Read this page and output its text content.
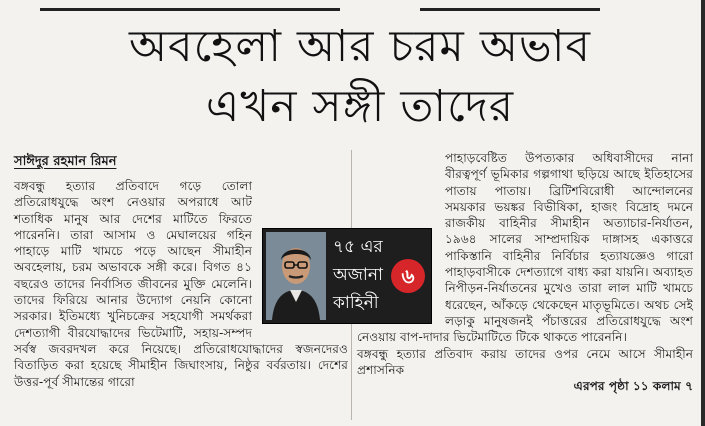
অবহেলা আর চরম অভাব
এখন সঙ্গী তাদের
সাঈদুর রহমান রিমন

বঙ্গবন্ধু হত্যার প্রতিবাদে গড়ে তোলা প্রতিরোধযুদ্ধে অংশ নেওয়ার অপরাধে আট শতাধিক মানুষ আর দেশের মাটিতে ফিরতে পারেননি। তারা আসাম ও মেঘালয়ের গহিন পাহাড়ে মাটি খামচে পড়ে আছেন সীমাহীন অবহেলায়, চরম অভাবকে সঙ্গী করে। বিগত ৪১ বছরেও তাদের নির্বাসিত জীবনের মুক্তি মেলেনি। তাদের ফিরিয়ে আনার উদ্যোগ নেয়নি কোনো সরকার। ইতিমধ্যে খুনিচক্রের সহযোগী সমর্থকরা দেশত্যাগী বীরযোদ্ধাদের ভিটেমাটি, সহায়-সম্পদ সর্বস্ব জবরদখল করে নিয়েছে। প্রতিরোধযোদ্ধাদের স্বজনদেরও বিতাড়িত করা হয়েছে সীমাহীন জিঘাংসায়, নিষ্ঠুর বর্বরতায়। দেশের উত্তর-পূর্ব সীমান্তের গারো

পাহাড়বেষ্টিত উপত্যকার অধিবাসীদের নানা বীরত্বপূর্ণ ভূমিকার গল্পগাথা ছড়িয়ে আছে ইতিহাসের পাতায় পাতায়। ব্রিটিশবিরোধী আন্দোলনের সময়কার ভয়ঙ্কর বিভীষিকা, হাজং বিদ্রোহ দমনে রাজকীয় বাহিনীর সীমাহীন অত্যাচার-নির্যাতন, ১৯৬৪ সালের সাম্প্রদায়িক দাঙ্গাসহ একাত্তরে পাকিস্তানি বাহিনীর নির্বিচার হত্যাযজ্ঞেও গারো পাহাড়বাসীকে দেশত্যাগে বাধ্য করা যায়নি। অব্যাহত নিপীড়ন-নির্যাতনের মুখেও তারা লাল মাটি খামচে ধরেছেন, আঁকড়ে থেকেছেন মাতৃভূমিতে। অথচ সেই লড়াকু মানুষজনই পঁচাত্তরের প্রতিরোধযুদ্ধে অংশ নেওয়ায় বাপ-দাদার ভিটেমাটিতে টিকে থাকতে পারেননি।

বঙ্গবন্ধু হত্যার প্রতিবাদ করায় তাদের ওপর নেমে আসে সীমাহীন প্রশাসনিক

এরপর পৃষ্ঠা ১১ কলাম ৭

৭৫ এর
অজানা
কাহিনী
৬
